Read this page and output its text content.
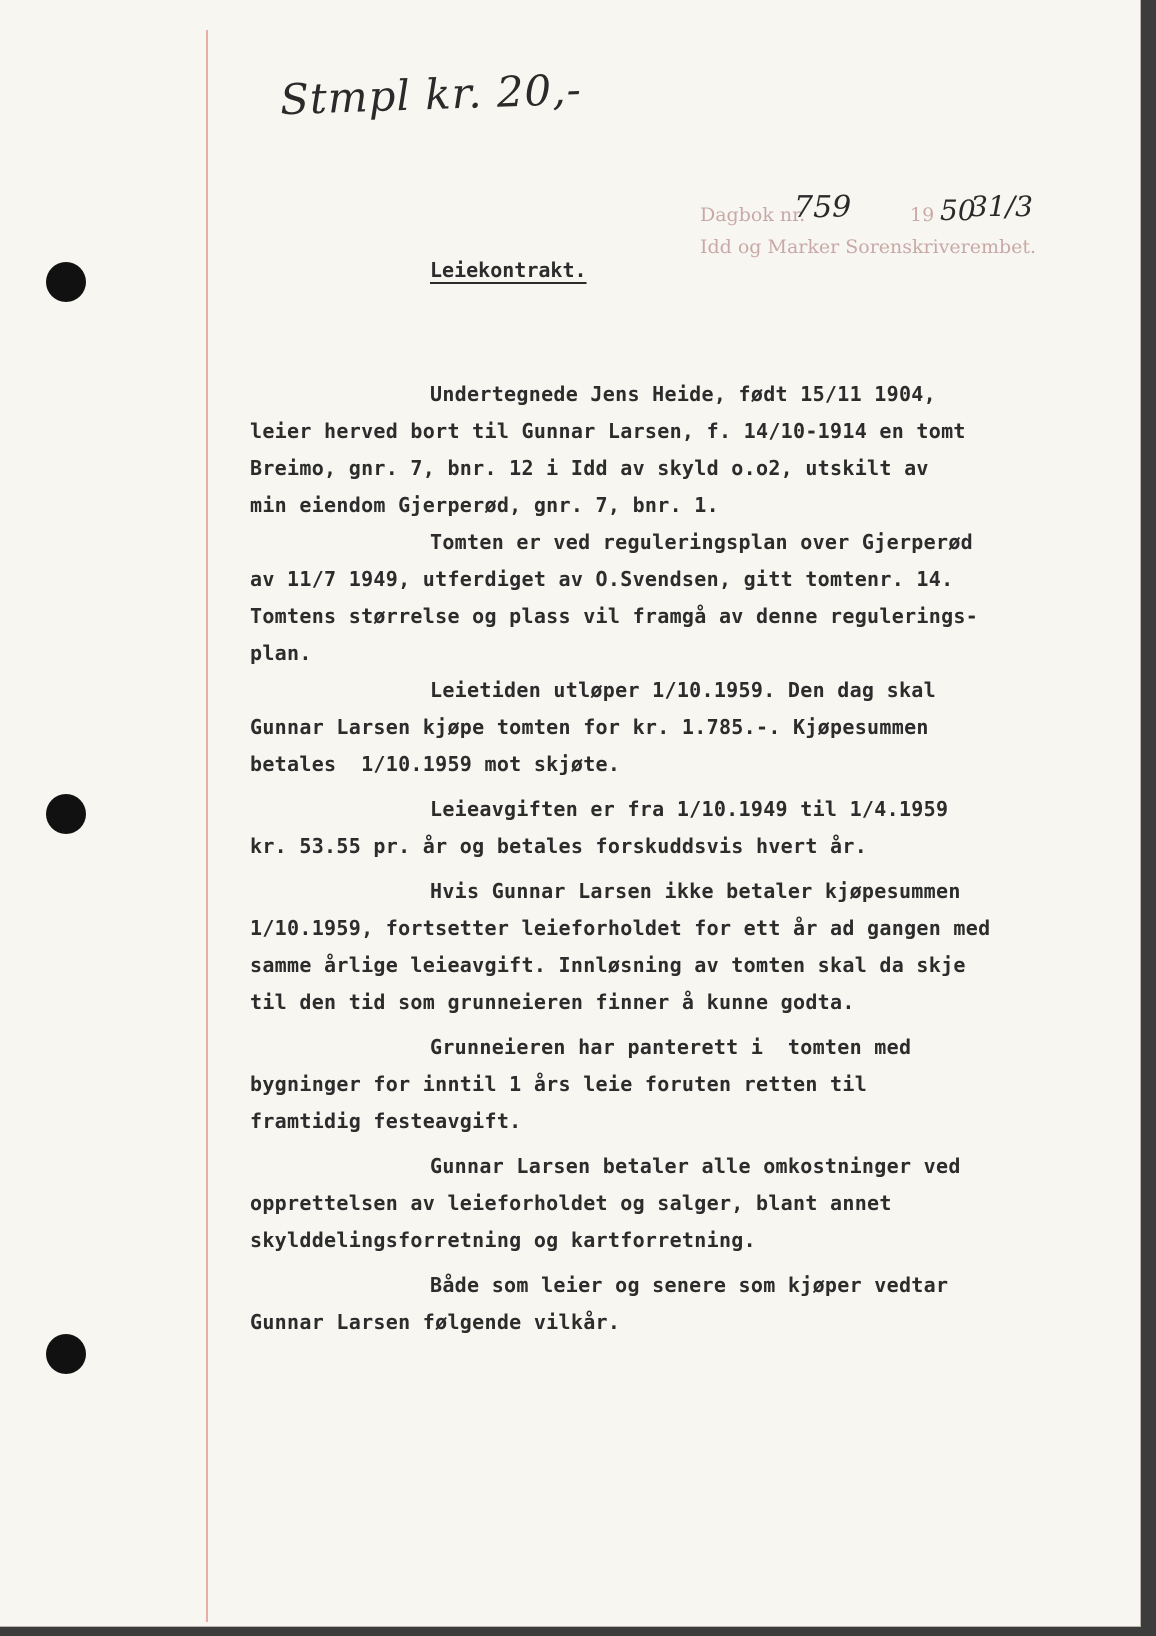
Stmpl kr. 20,-
Dagbok nr.
759	19 50
31/3
Idd og Marker Sorenskriverembet.
Leiekontrakt.
Undertegnede Jens Heide, født 15/11 1904,
leier herved bort til Gunnar Larsen, f. 14/10-1914 en tomt
Breimo, gnr. 7, bnr. 12 i Idd av skyld o.o2, utskilt av
min eiendom Gjerperød, gnr. 7, bnr. 1.
Tomten er ved reguleringsplan over Gjerperød
av 11/7 1949, utferdiget av O.Svendsen, gitt tomtenr. 14.
Tomtens størrelse og plass vil framgå av denne regulerings-
plan.
Leietiden utløper 1/10.1959. Den dag skal
Gunnar Larsen kjøpe tomten for kr. 1.785.-. Kjøpesummen
betales  1/10.1959 mot skjøte.
Leieavgiften er fra 1/10.1949 til 1/4.1959
kr. 53.55 pr. år og betales forskuddsvis hvert år.
Hvis Gunnar Larsen ikke betaler kjøpesummen
1/10.1959, fortsetter leieforholdet for ett år ad gangen med
samme årlige leieavgift. Innløsning av tomten skal da skje
til den tid som grunneieren finner å kunne godta.
Grunneieren har panterett i  tomten med
bygninger for inntil 1 års leie foruten retten til
framtidig festeavgift.
Gunnar Larsen betaler alle omkostninger ved
opprettelsen av leieforholdet og salger, blant annet
skylddelingsforretning og kartforretning.
Både som leier og senere som kjøper vedtar
Gunnar Larsen følgende vilkår.
